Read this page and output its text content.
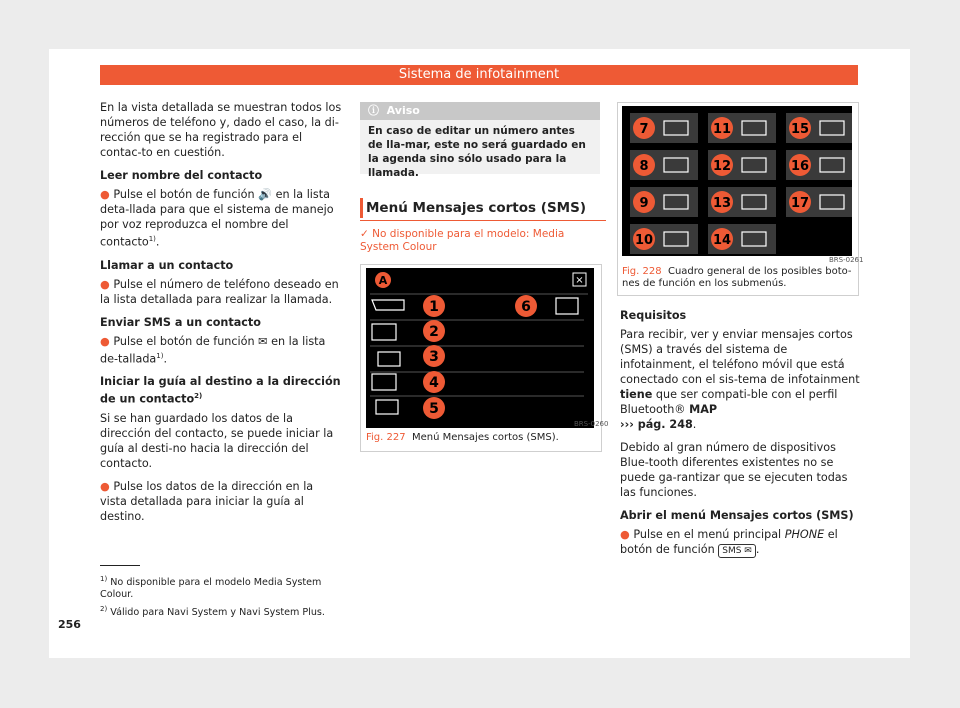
Sistema de infotainment

En la vista detallada se muestran todos los números de teléfono y, dado el caso, la di-rección que se ha registrado para el contac-to en cuestión.

Leer nombre del contacto

● Pulse el botón de función 🔊 en la lista deta-llada para que el sistema de manejo por voz reproduzca el nombre del contacto$^{1)}$.

Llamar a un contacto

● Pulse el número de teléfono deseado en la lista detallada para realizar la llamada.

Enviar SMS a un contacto

● Pulse el botón de función ✉ en la lista de-tallada$^{1)}$.

Iniciar la guía al destino a la dirección de un contacto$^{2)}$

Si se han guardado los datos de la dirección del contacto, se puede iniciar la guía al desti-no hacia la dirección del contacto.

● Pulse los datos de la dirección en la vista detallada para iniciar la guía al destino.

$^{1)}$ No disponible para el modelo Media System Colour.
$^{2)}$ Válido para Navi System y Navi System Plus.
256
ⓘ Aviso
En caso de editar un número antes de lla-mar, este no será guardado en la agenda sino sólo usado para la llamada.
Menú Mensajes cortos (SMS)
✓ No disponible para el modelo: Media System Colour
A	×
1
2
3
4
5
6
BRS-0260
Fig. 227 Menú Mensajes cortos (SMS).
7
8
9
10
11
12
13
14
15
16
17
BRS-0261
Fig. 228 Cuadro general de los posibles boto-nes de función en los submenús.
Requisitos

Para recibir, ver y enviar mensajes cortos (SMS) a través del sistema de infotainment, el teléfono móvil que está conectado con el sis-tema de infotainment tiene que ser compati-ble con el perfil Bluetooth® MAP
››› pág. 248.

Debido al gran número de dispositivos Blue-tooth diferentes existentes no se puede ga-rantizar que se ejecuten todas las funciones.

Abrir el menú Mensajes cortos (SMS)

● Pulse en el menú principal PHONE el botón de función SMS ✉ .
